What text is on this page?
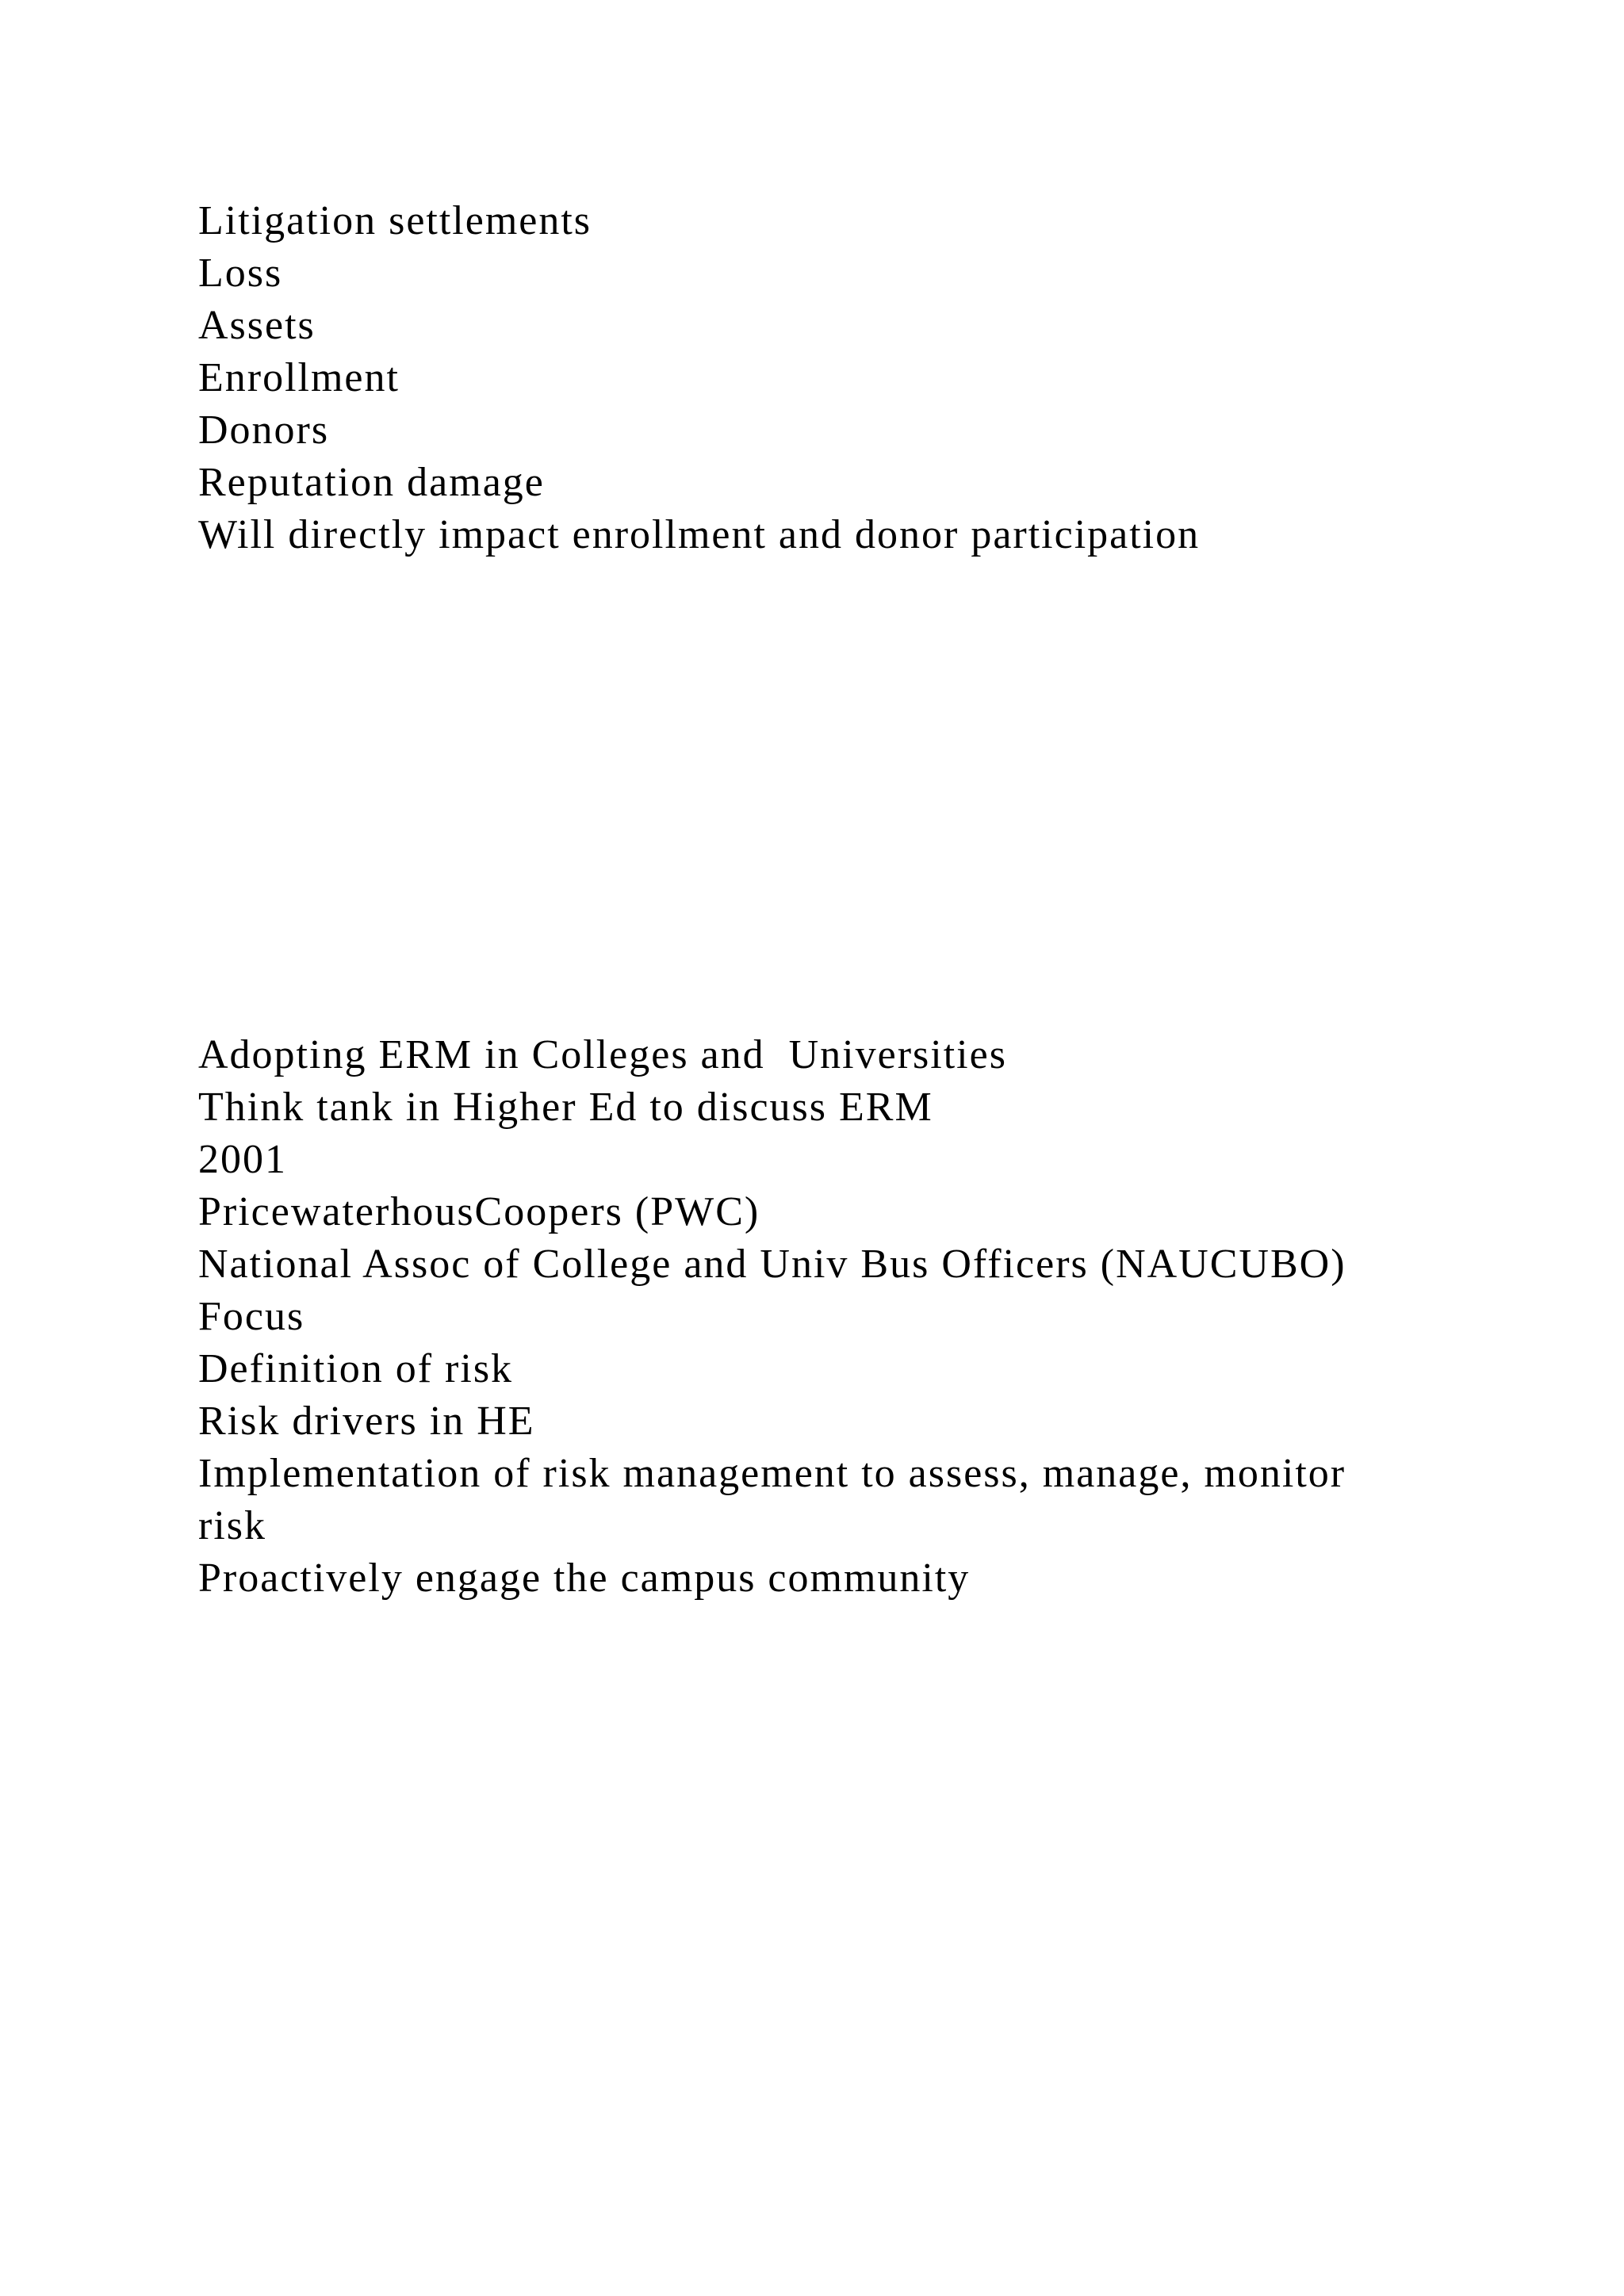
Litigation settlements
Loss
Assets
Enrollment
Donors
Reputation damage
Will directly impact enrollment and donor participation
Adopting ERM in Colleges and  Universities
Think tank in Higher Ed to discuss ERM
2001
PricewaterhousCoopers (PWC)
National Assoc of College and Univ Bus Officers (NAUCUBO)
Focus
Definition of risk
Risk drivers in HE
Implementation of risk management to assess, manage, monitor
risk
Proactively engage the campus community
